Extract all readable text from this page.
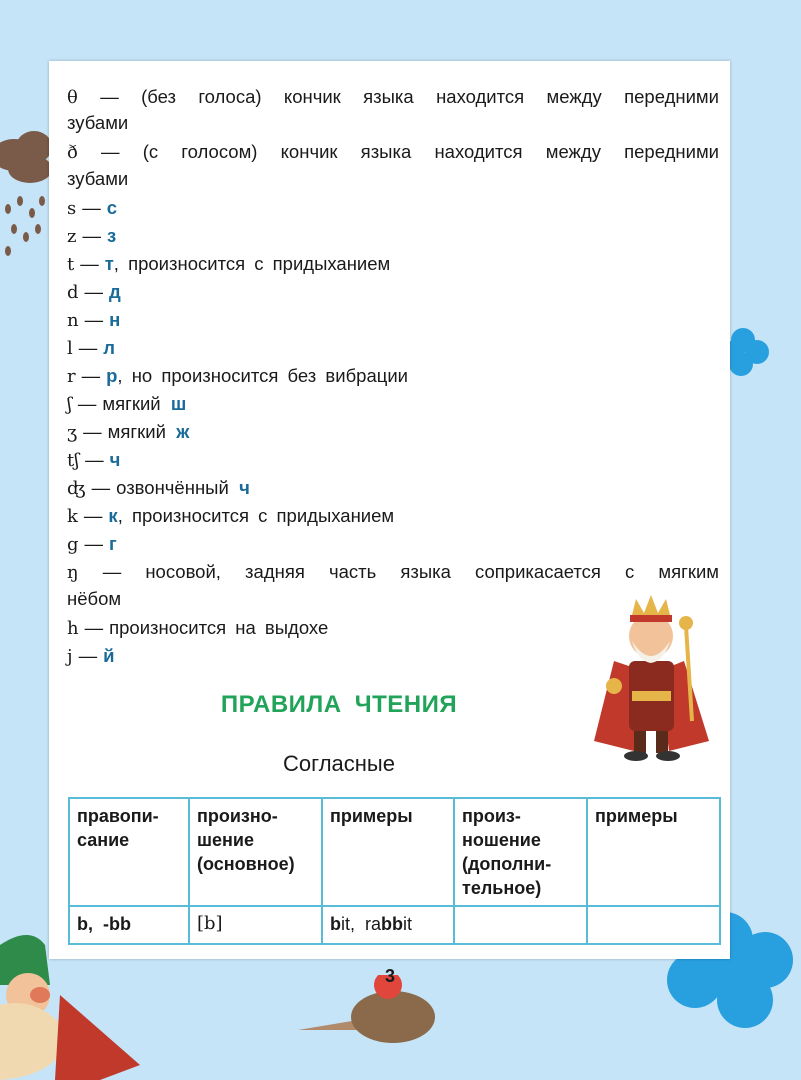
θ — (без голоса) кончик языка находится между передними
зубами
ð — (с голосом) кончик языка находится между передними
зубами
s — с
z — з
t — т, произносится с придыханием
d — д
n — н
l — л
r — р, но произносится без вибрации
ʃ — мягкий ш
ʒ — мягкий ж
tʃ — ч
ʤ — озвончённый ч
k — к, произносится с придыханием
g — г
ŋ — носовой, задняя часть языка соприкасается с мягким
нёбом
h — произносится на выдохе
j — й
ПРАВИЛА ЧТЕНИЯ
Согласные
правопи-
сание	произно-
шение
(основное)	примеры	произ-
ношение
(дополни-
тельное)	примеры
b,  -bb	[b]	bit, rabbit		
3
